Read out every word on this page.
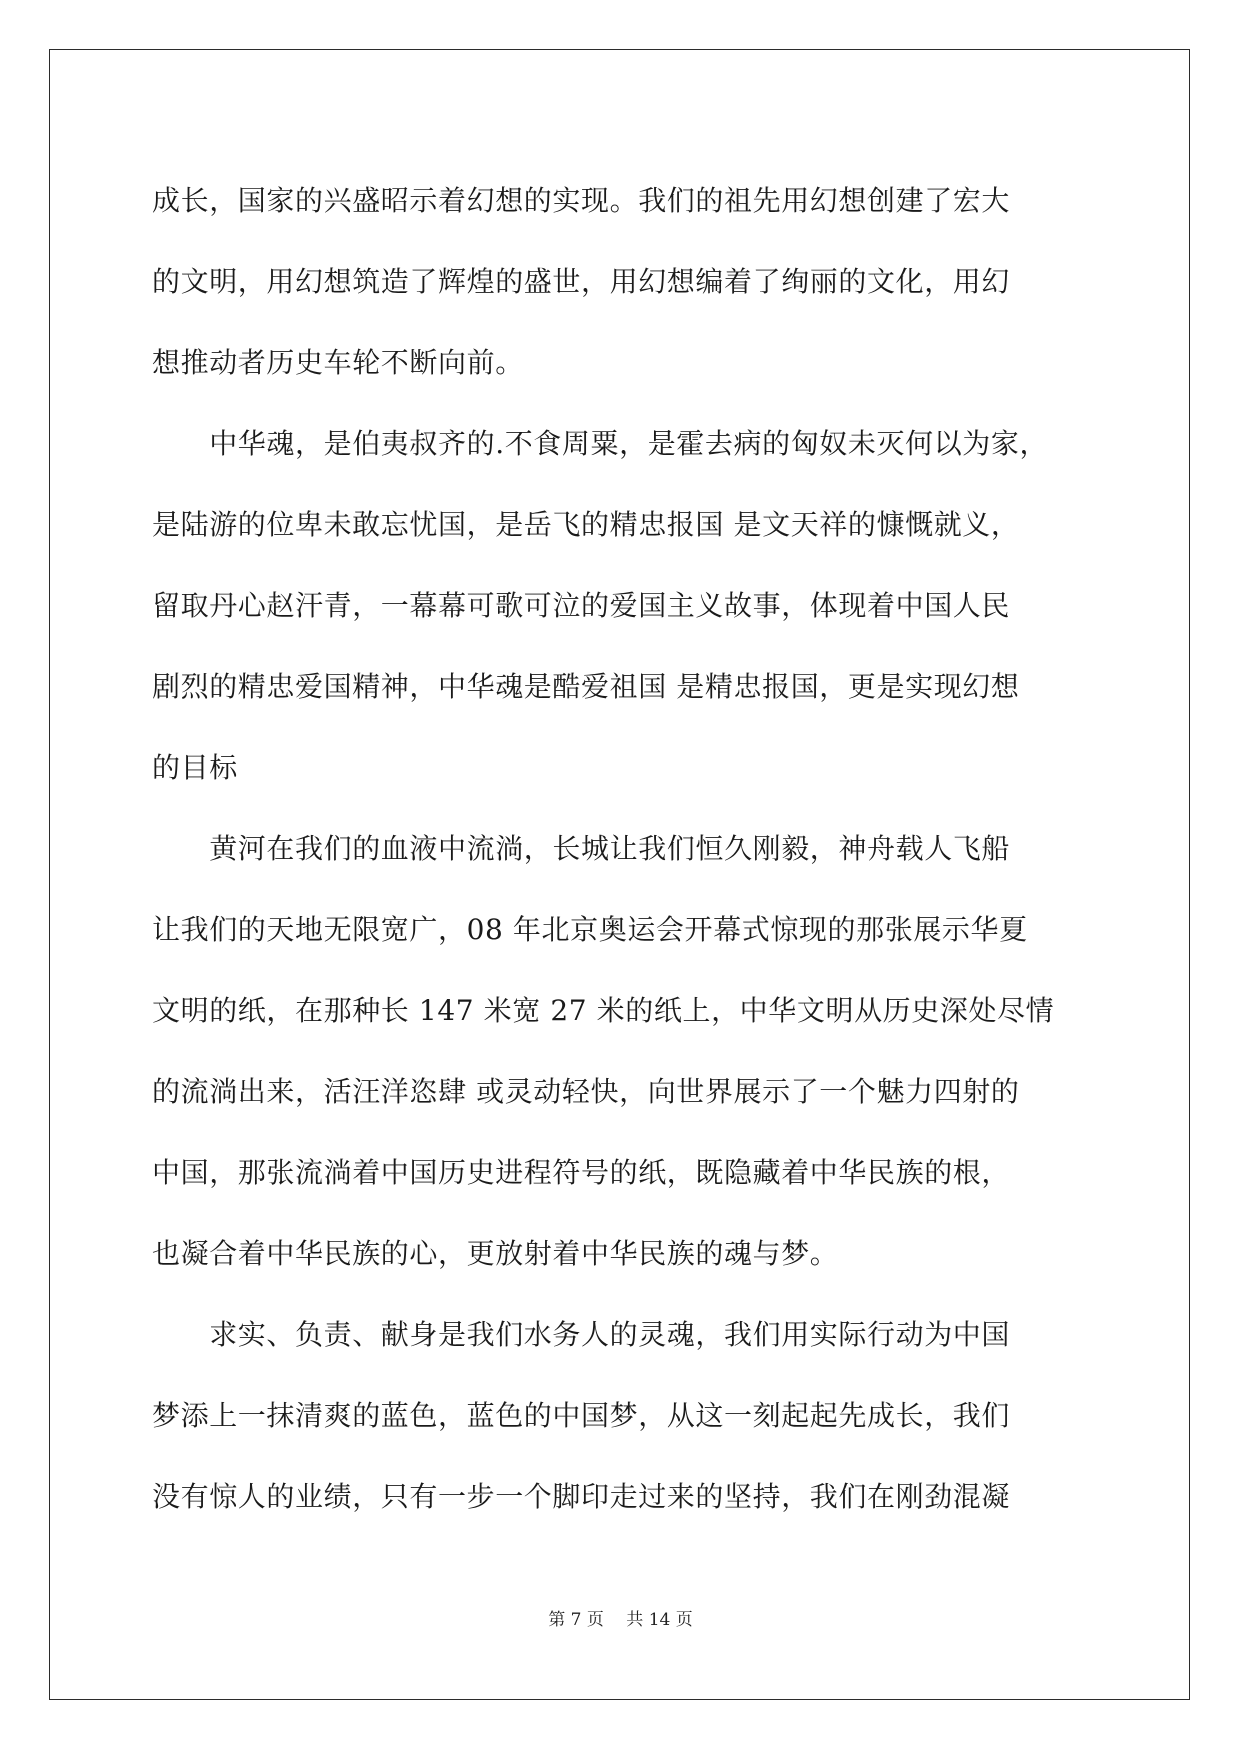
成长，国家的兴盛昭示着幻想的实现。我们的祖先用幻想创建了宏大
的文明，用幻想筑造了辉煌的盛世，用幻想编着了绚丽的文化，用幻
想推动者历史车轮不断向前。
　　中华魂，是伯夷叔齐的.不食周粟，是霍去病的匈奴未灭何以为家，
是陆游的位卑未敢忘忧国，是岳飞的精忠报国 是文天祥的慷慨就义，
留取丹心赵汗青，一幕幕可歌可泣的爱国主义故事，体现着中国人民
剧烈的精忠爱国精神，中华魂是酷爱祖国 是精忠报国，更是实现幻想
的目标
　　黄河在我们的血液中流淌，长城让我们恒久刚毅，神舟载人飞船
让我们的天地无限宽广，08 年北京奥运会开幕式惊现的那张展示华夏
文明的纸，在那种长 147 米宽 27 米的纸上，中华文明从历史深处尽情
的流淌出来，活汪洋恣肆 或灵动轻快，向世界展示了一个魅力四射的
中国，那张流淌着中国历史进程符号的纸，既隐藏着中华民族的根，
也凝合着中华民族的心，更放射着中华民族的魂与梦。
　　求实、负责、献身是我们水务人的灵魂，我们用实际行动为中国
梦添上一抹清爽的蓝色，蓝色的中国梦，从这一刻起起先成长，我们
没有惊人的业绩，只有一步一个脚印走过来的坚持，我们在刚劲混凝
第 7 页　 共 14 页
